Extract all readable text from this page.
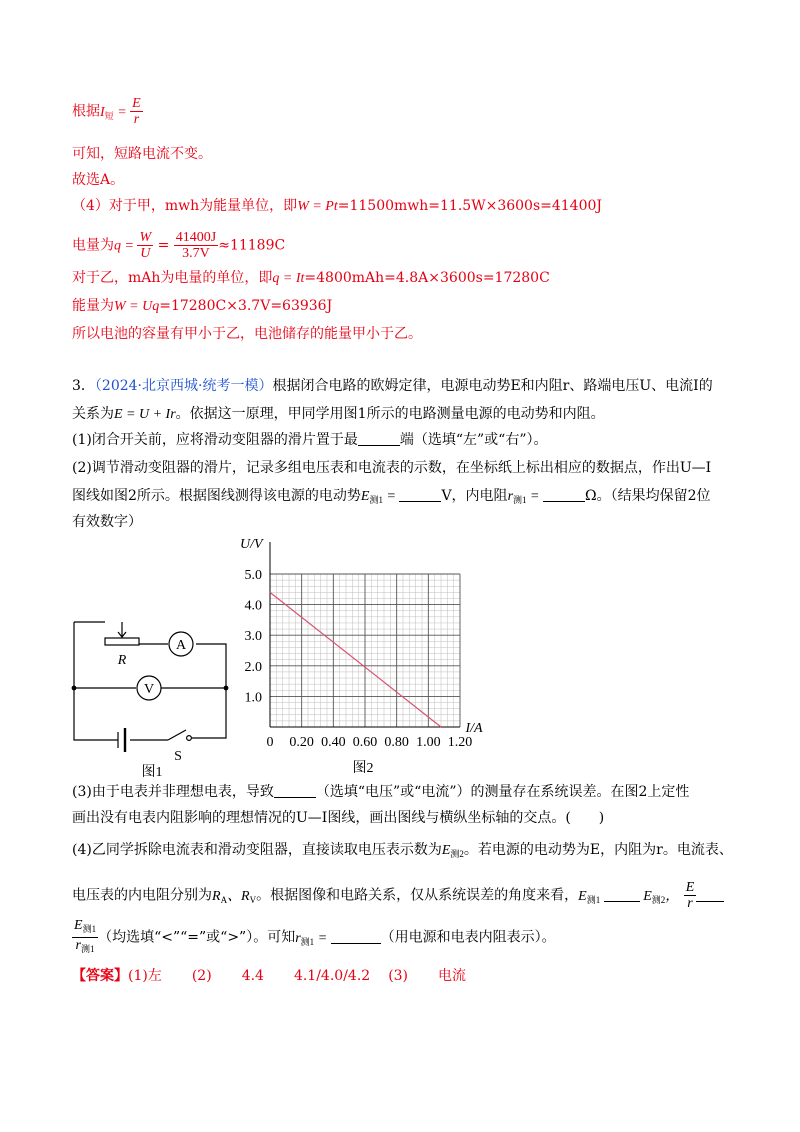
根据$I_短 = \frac{E}{r}$
可知，短路电流不变。
故选A。
（4）对于甲，mwh为能量单位，即W = Pt=11500mwh=11.5W×3600s=41400J
电量为$q = \frac{W}{U} = \frac{41400J}{3.7V} \approx 11189C$
对于乙，mAh为电量的单位，即q = It=4800mAh=4.8A×3600s=17280C
能量为W = Uq=17280C×3.7V=63936J
所以电池的容量有甲小于乙，电池储存的能量甲小于乙。
3．（2024·北京西城·统考一模）根据闭合电路的欧姆定律，电源电动势E和内阻r、路端电压U、电流I的
关系为E = U + Ir。依据这一原理，甲同学用图1所示的电路测量电源的电动势和内阻。
(1)闭合开关前，应将滑动变阻器的滑片置于最	端（选填“左”或“右”）。
(2)调节滑动变阻器的滑片，记录多组电压表和电流表的示数，在坐标纸上标出相应的数据点，作出U—I
图线如图2所示。根据图线测得该电源的电动势$E_{测1}$ =	V，内电阻$r_{测1}$ =	Ω。（结果均保留2位
有效数字）
A
V
R
S
图1
1.0
2.0
3.0
4.0
5.0
0 0.20 0.40 0.60 0.80 1.00 1.20
U/V
I/A
图2
(3)由于电表并非理想电表，导致	（选填“电压”或“电流”）的测量存在系统误差。在图2上定性
画出没有电表内阻影响的理想情况的U—I图线，画出图线与横纵坐标轴的交点。(　　)
(4)乙同学拆除电流表和滑动变阻器，直接读取电压表示数为$E_{测2}$。若电源的电动势为E，内阻为r。电流表、
电压表的内电阻分别为$R_A$、$R_V$。根据图像和电路关系，仅从系统误差的角度来看，$E_{测1}$	$E_{测2}$， $\frac{E}{r}$
$\frac{E_{测1}}{r_{测1}}$ （均选填“<”“=”或“>”）。可知$r_{测1}$ =	（用电源和电表内阻表示）。
【答案】(1)左 (2) 4.4 4.1/4.0/4.2 (3) 电流
